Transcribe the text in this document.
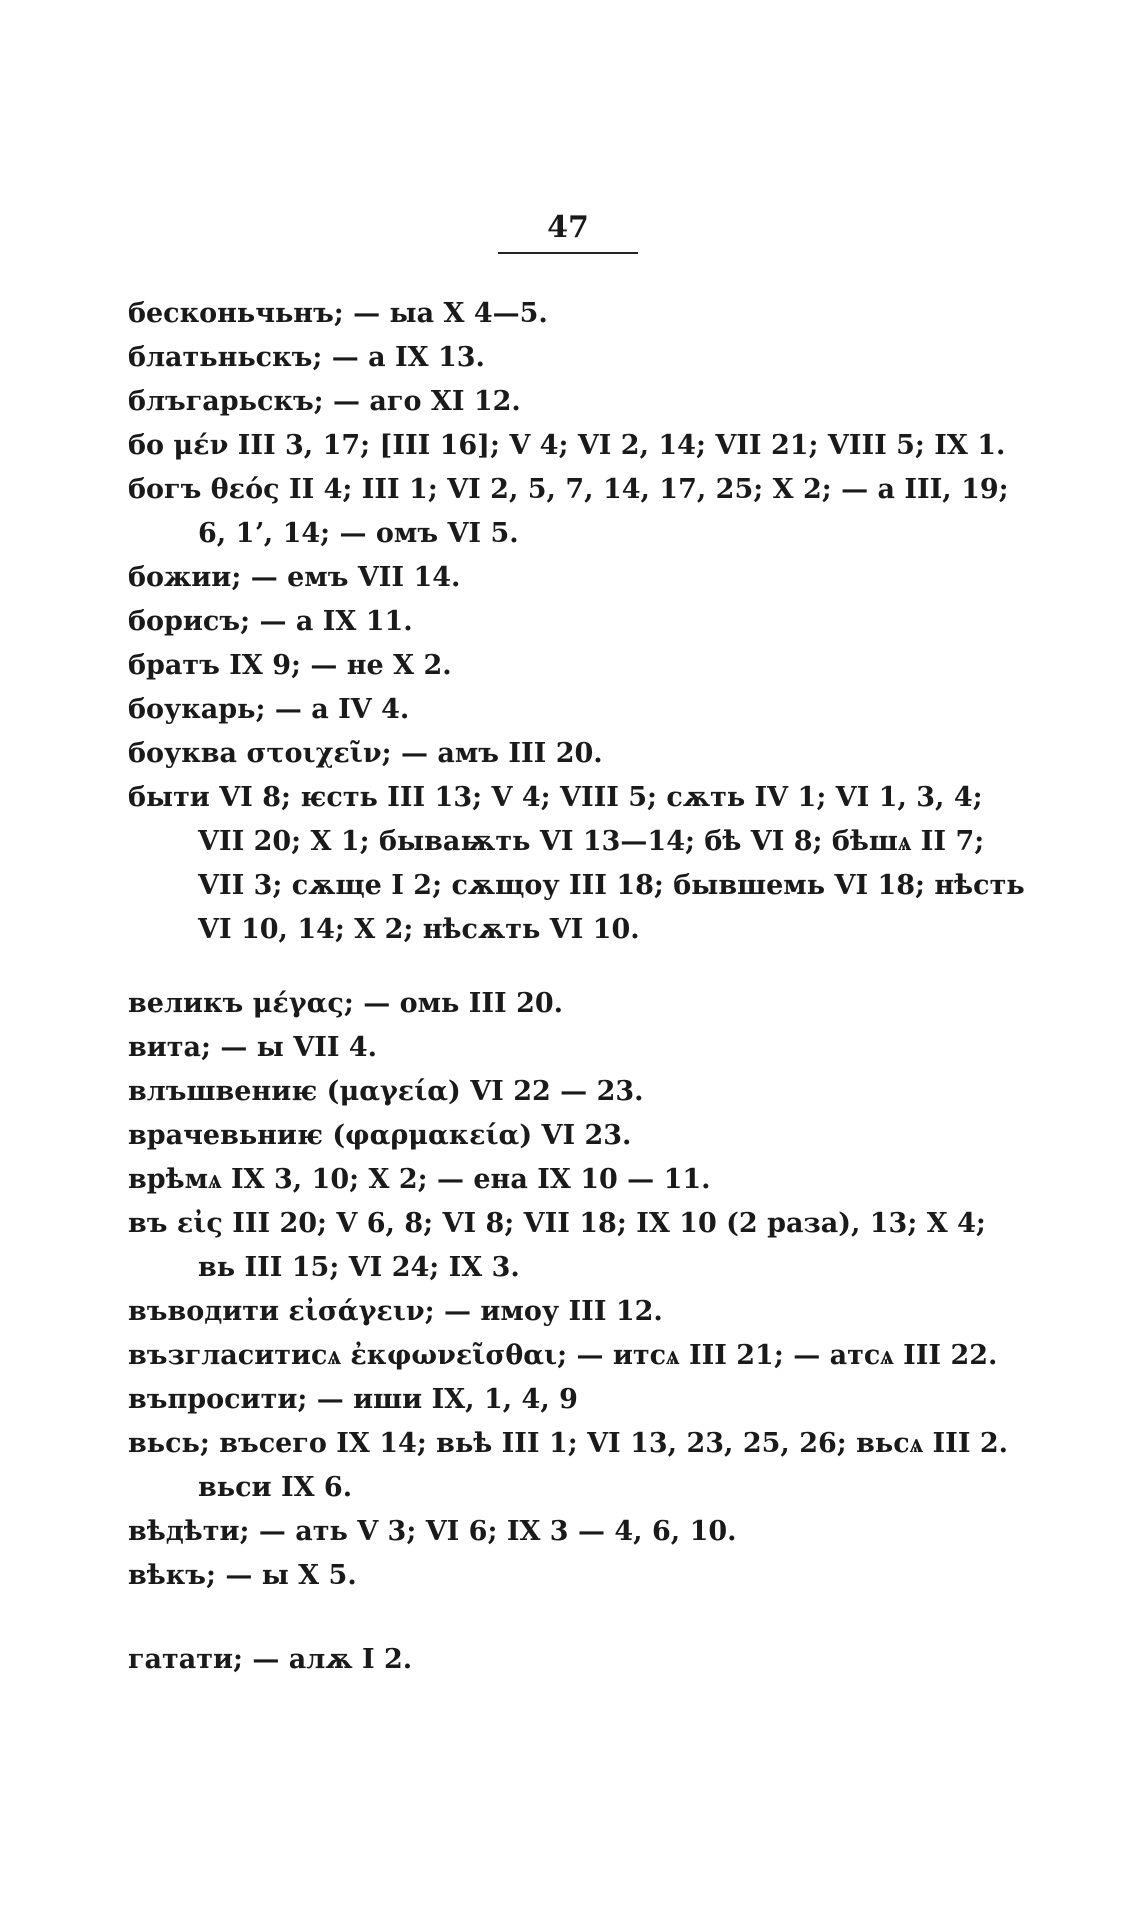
47

бесконьчьнъ; — ыа X 4—5.

блатьньскъ; — а IX 13.

блъгарьскъ; — аго XI 12.

бо μέν III 3, 17; [III 16]; V 4; VI 2, 14; VII 21; VIII 5; IX 1.

богъ θεός II 4; III 1; VI 2, 5, 7, 14, 17, 25; X 2; — а III, 19; 6, 1ʼ, 14; — омъ VI 5.

божии; — емъ VII 14.

борисъ; — а IX 11.

братъ IX 9; — не X 2.

боукарь; — а IV 4.

боуква στοιχεῖν; — амъ III 20.

быти VI 8; ѥсть III 13; V 4; VIII 5; сѫть IV 1; VI 1, 3, 4; VII 20; X 1; бываѭть VI 13—14; бѣ VI 8; бѣшѧ II 7; VII 3; сѫще I 2; сѫщоу III 18; бывшемь VI 18; нѣсть VI 10, 14; X 2; нѣсѫть VI 10.

великъ μέγας; — омь III 20.

вита; — ы VII 4.

влъшвениѥ (μαγεία) VI 22 — 23.

врачевьниѥ (φαρμακεία) VI 23.

врѣмѧ IX 3, 10; X 2; — ена IX 10 — 11.

въ εἰς III 20; V 6, 8; VI 8; VII 18; IX 10 (2 раза), 13; X 4; вь III 15; VI 24; IX 3.

въводити εἰσάγειν; — имоу III 12.

възгласитисѧ ἐκφωνεῖσθαι; — итсѧ III 21; — атсѧ III 22.

въпросити; — иши IX, 1, 4, 9

вьсь; въсего IX 14; вьѣ III 1; VI 13, 23, 25, 26; вьсѧ III 2. вьси IX 6.

вѣдѣти; — ать V 3; VI 6; IX 3 — 4, 6, 10.

вѣкъ; — ы X 5.

гатати; — алѫ I 2.
